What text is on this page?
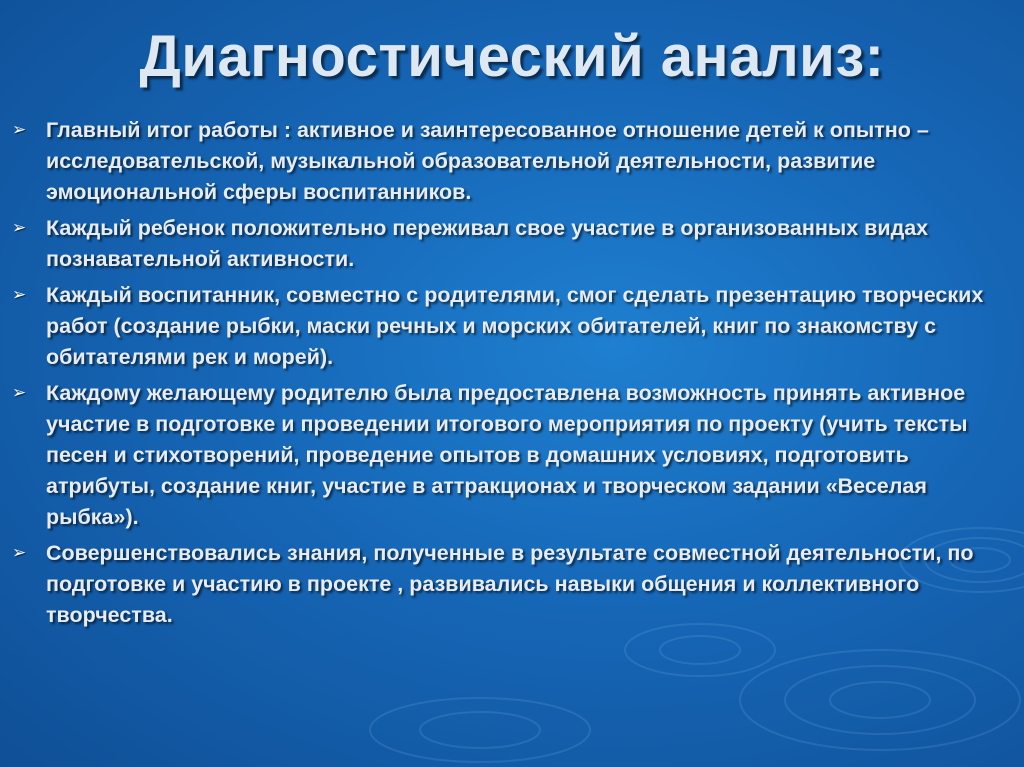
Диагностический анализ:
➢ Главный итог работы : активное и заинтересованное отношение детей к опытно – исследовательской, музыкальной образовательной деятельности, развитие эмоциональной сферы воспитанников.
➢ Каждый ребенок положительно переживал свое участие в организованных видах познавательной активности.
➢ Каждый воспитанник, совместно с родителями, смог сделать презентацию творческих работ (создание рыбки, маски речных и морских обитателей, книг по знакомству с обитателями рек и морей).
➢ Каждому желающему родителю была предоставлена возможность принять активное участие в подготовке и проведении итогового мероприятия по проекту (учить тексты песен и стихотворений, проведение опытов в домашних условиях, подготовить атрибуты, создание книг, участие в аттракционах и творческом задании «Веселая рыбка»).
➢ Совершенствовались знания, полученные в результате совместной деятельности, по подготовке и участию в проекте , развивались навыки общения и коллективного творчества.
